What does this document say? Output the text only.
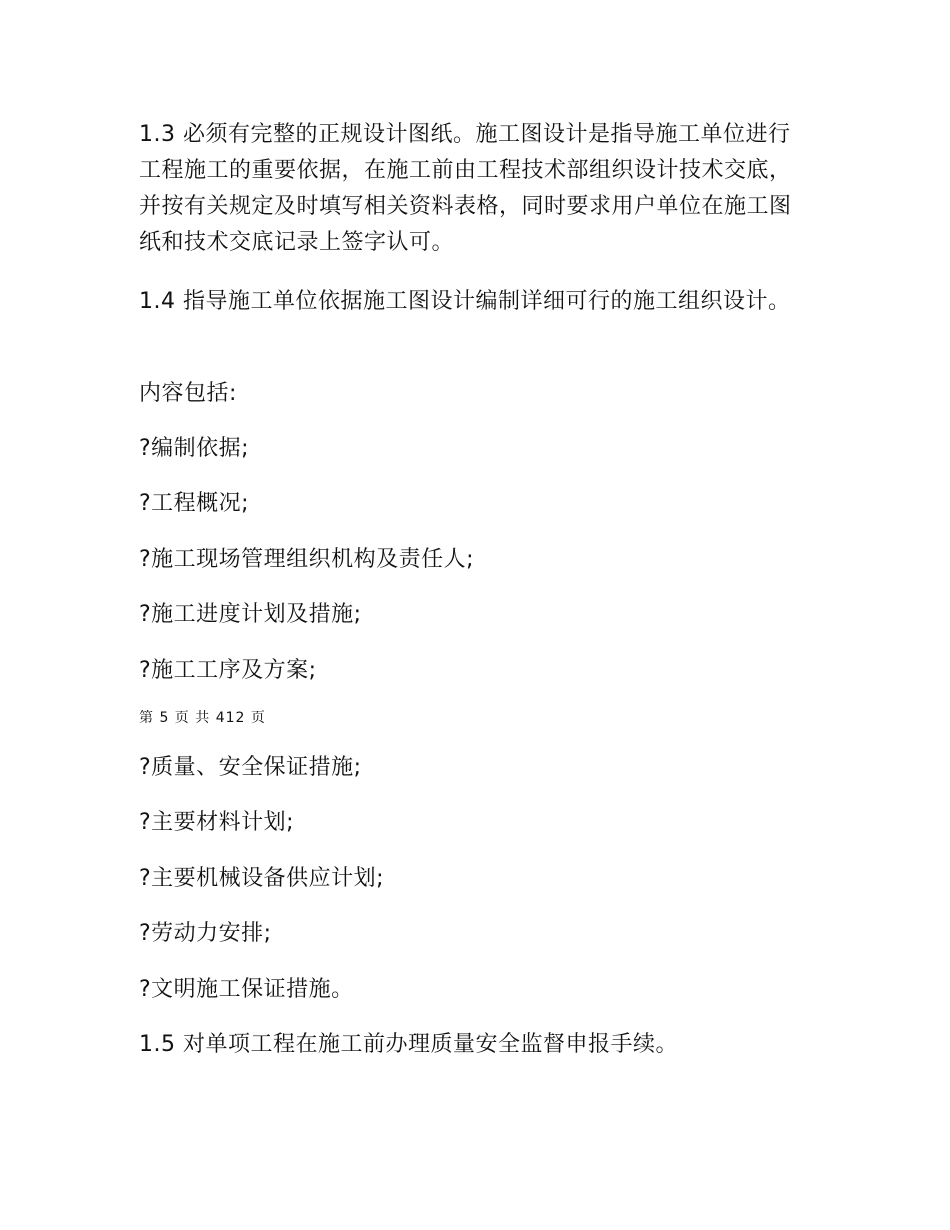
1.3 必须有完整的正规设计图纸。施工图设计是指导施工单位进行工程施工的重要依据，在施工前由工程技术部组织设计技术交底，并按有关规定及时填写相关资料表格，同时要求用户单位在施工图纸和技术交底记录上签字认可。

1.4 指导施工单位依据施工图设计编制详细可行的施工组织设计。

内容包括:

?编制依据;

?工程概况;

?施工现场管理组织机构及责任人;

?施工进度计划及措施;

?施工工序及方案;

第 5 页 共 412 页

?质量、安全保证措施;

?主要材料计划;

?主要机械设备供应计划;

?劳动力安排;

?文明施工保证措施。

1.5 对单项工程在施工前办理质量安全监督申报手续。
